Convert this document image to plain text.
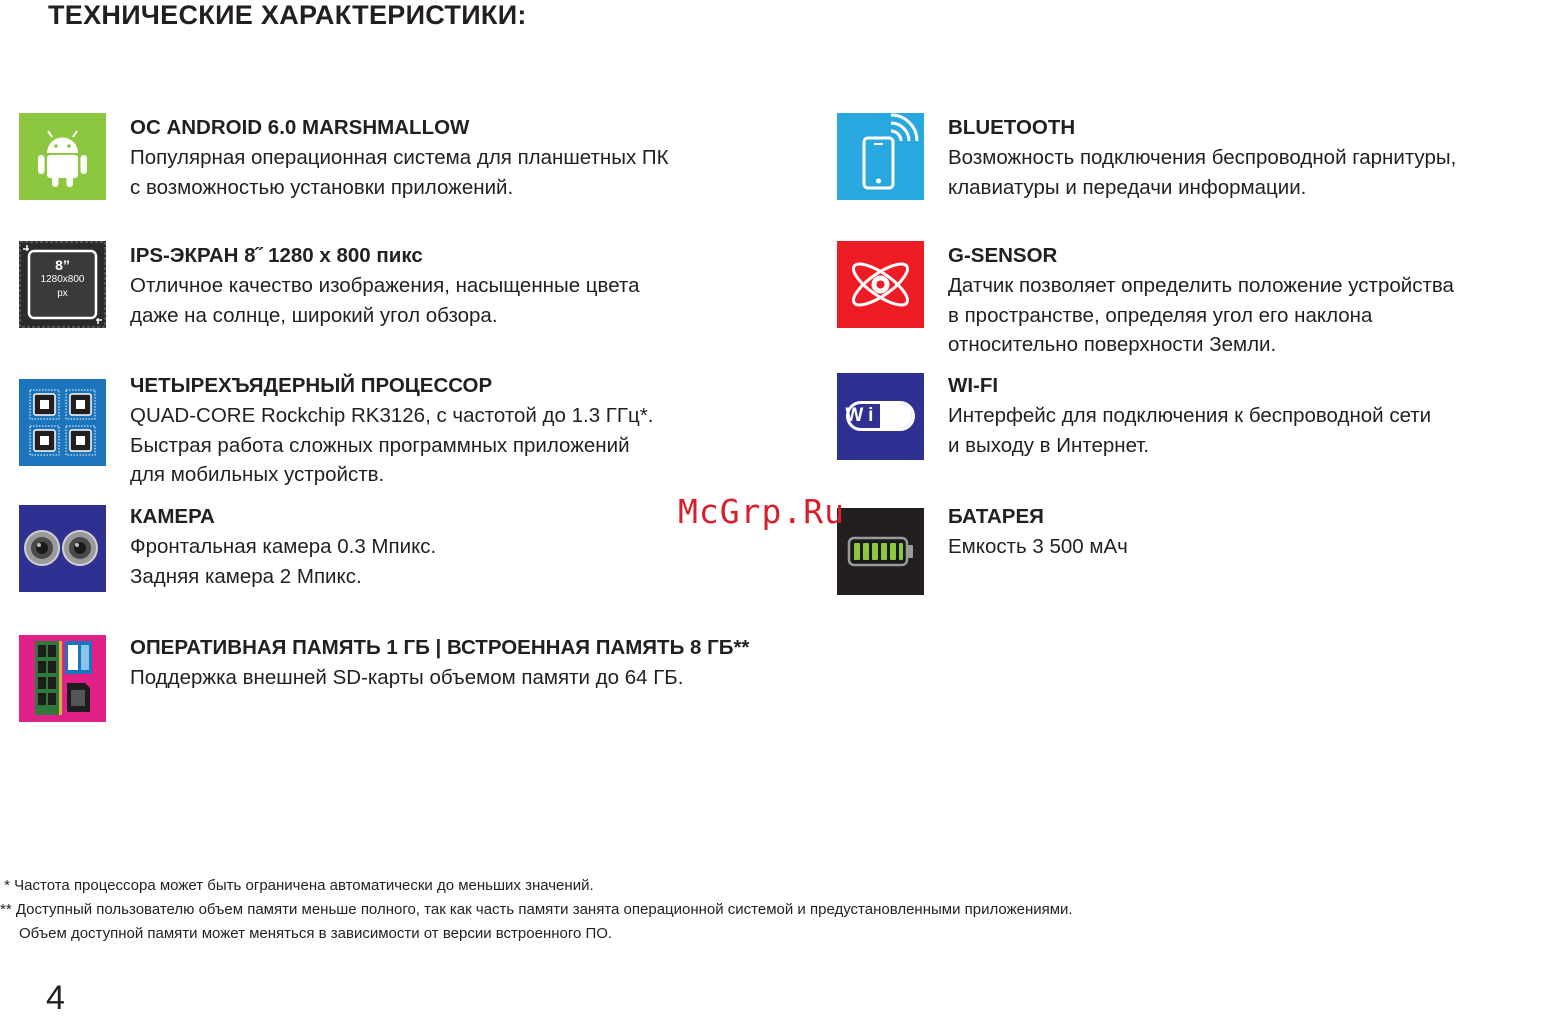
ТЕХНИЧЕСКИЕ ХАРАКТЕРИСТИКИ:
ОС ANDROID 6.0 MARSHMALLOW
Популярная операционная система для планшетных ПК
с возможностью установки приложений.
8”
1280x800
px
IPS-ЭКРАН 8˝ 1280 x 800 пикс
Отличное качество изображения, насыщенные цвета
даже на солнце, широкий угол обзора.
ЧЕТЫРЕХЪЯДЕРНЫЙ ПРОЦЕССОР
QUAD-CORE Rockchip RK3126, с частотой до 1.3 ГГц*.
Быстрая работа сложных программных приложений
для мобильных устройств.
КАМЕРА
Фронтальная камера 0.3 Мпикс.
Задняя камера 2 Мпикс.
ОПЕРАТИВНАЯ ПАМЯТЬ 1 ГБ | ВСТРОЕННАЯ ПАМЯТЬ 8 ГБ**
Поддержка внешней SD-карты объемом памяти до 64 ГБ.
BLUETOOTH
Возможность подключения беспроводной гарнитуры,
клавиатуры и передачи информации.
G-SENSOR
Датчик позволяет определить положение устройства
в пространстве, определяя угол его наклона
относительно поверхности Земли.
Wi Fi
WI-FI
Интерфейс для подключения к беспроводной сети
и выходу в Интернет.
БАТАРЕЯ
Емкость 3 500 мАч
McGrp.Ru
* Частота процессора может быть ограничена автоматически до меньших значений.
** Доступный пользователю объем памяти меньше полного, так как часть памяти занята операционной системой и предустановленными приложениями.
Объем доступной памяти может меняться в зависимости от версии встроенного ПО.
4
